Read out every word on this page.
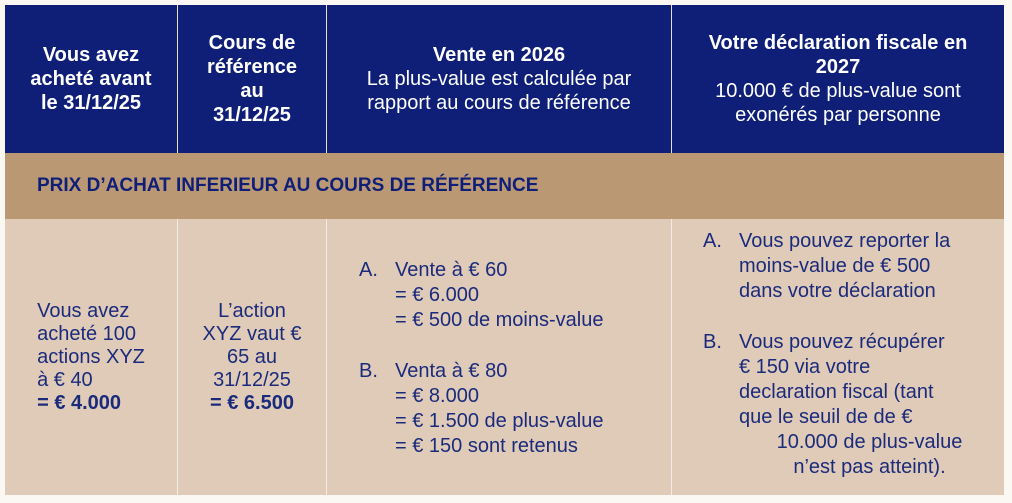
Vous avez
acheté avant
le 31/12/25
Cours de
référence
au
31/12/25
Vente en 2026
La plus-value est calculée par
rapport au cours de référence
Votre déclaration fiscale en
2027
10.000 € de plus-value sont
exonérés par personne
PRIX D’ACHAT INFERIEUR AU COURS DE RÉFÉRENCE
Vous avez
acheté 100
actions XYZ
à € 40
= € 4.000
L’action
XYZ vaut €
65 au
31/12/25
= € 6.500
A. Vente à € 60
= € 6.000
= € 500 de moins-value
B. Venta à € 80
= € 8.000
= € 1.500 de plus-value
= € 150 sont retenus
A. Vous pouvez reporter la
moins-value de € 500
dans votre déclaration
B. Vous pouvez récupérer
€ 150 via votre
declaration fiscal (tant
que le seuil de de €
10.000 de plus-value
n’est pas atteint).
